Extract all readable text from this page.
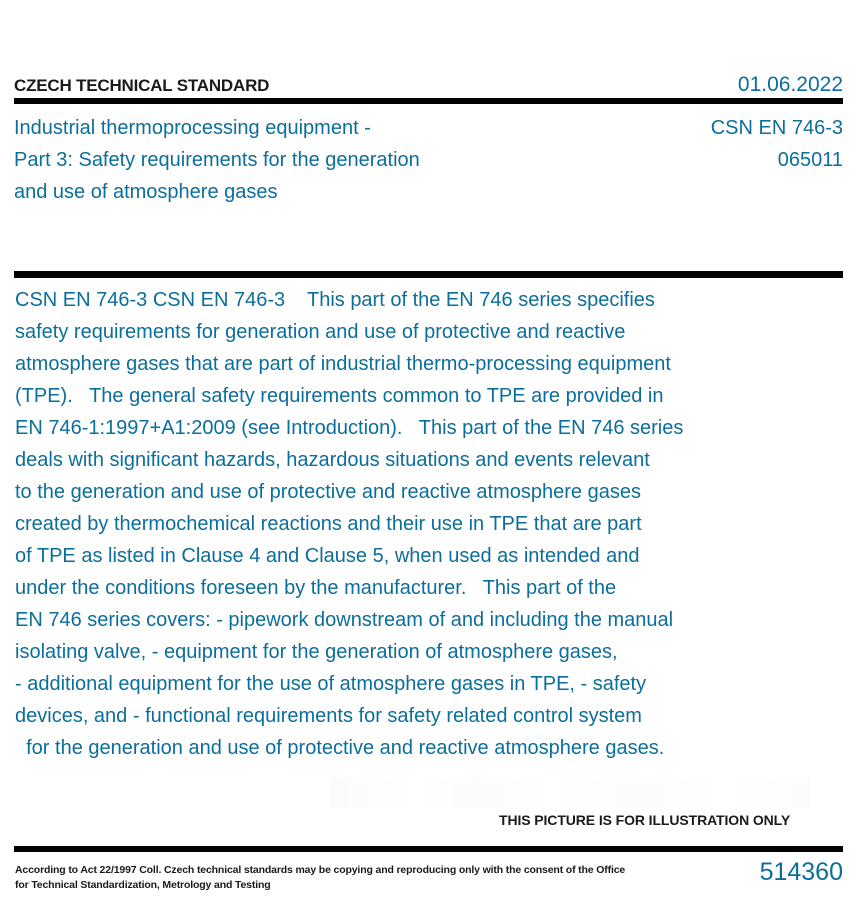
CZECH TECHNICAL STANDARD	01.06.2022
Industrial thermoprocessing equipment -
Part 3: Safety requirements for the generation
and use of atmosphere gases
CSN EN 746-3
065011
CSN EN 746-3 CSN EN 746-3    This part of the EN 746 series specifies
safety requirements for generation and use of protective and reactive
atmosphere gases that are part of industrial thermo-processing equipment
(TPE).   The general safety requirements common to TPE are provided in
EN 746-1:1997+A1:2009 (see Introduction).   This part of the EN 746 series
deals with significant hazards, hazardous situations and events relevant
to the generation and use of protective and reactive atmosphere gases
created by thermochemical reactions and their use in TPE that are part
of TPE as listed in Clause 4 and Clause 5, when used as intended and
under the conditions foreseen by the manufacturer.   This part of the
EN 746 series covers: - pipework downstream of and including the manual
isolating valve, - equipment for the generation of atmosphere gases,
- additional equipment for the use of atmosphere gases in TPE, - safety
devices, and - functional requirements for safety related control system
for the generation and use of protective and reactive atmosphere gases.
THIS PICTURE IS FOR ILLUSTRATION ONLY
According to Act 22/1997 Coll. Czech technical standards may be copying and reproducing only with the consent of the Office
for Technical Standardization, Metrology and Testing	514360
